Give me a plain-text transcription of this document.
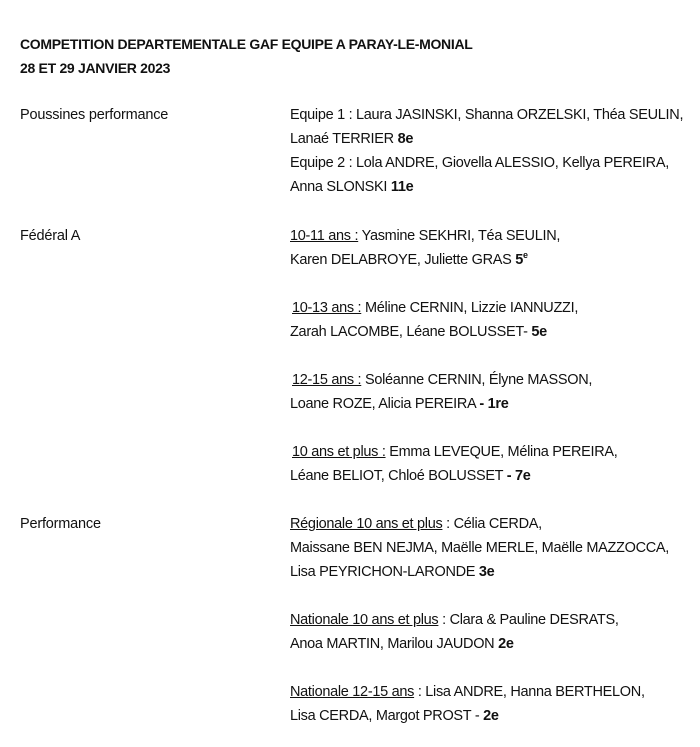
COMPETITION DEPARTEMENTALE GAF EQUIPE A PARAY-LE-MONIAL
28 ET 29 JANVIER 2023
Poussines performance	Equipe 1 : Laura JASINSKI, Shanna ORZELSKI, Théa SEULIN,
Lanaé TERRIER 8e
Equipe 2 : Lola ANDRE, Giovella ALESSIO, Kellya PEREIRA,
Anna SLONSKI 11e
Fédéral A	10-11 ans : Yasmine SEKHRI, Téa SEULIN,
Karen DELABROYE, Juliette GRAS 5e
10-13 ans : Méline CERNIN, Lizzie IANNUZZI,
Zarah LACOMBE, Léane BOLUSSET- 5e
12-15 ans : Soléanne CERNIN, Élyne MASSON,
Loane ROZE, Alicia PEREIRA - 1re
10 ans et plus : Emma LEVEQUE, Mélina PEREIRA,
Léane BELIOT, Chloé BOLUSSET - 7e
Performance	Régionale 10 ans et plus : Célia CERDA,
Maissane BEN NEJMA, Maëlle MERLE, Maëlle MAZZOCCA,
Lisa PEYRICHON-LARONDE 3e
Nationale 10 ans et plus : Clara & Pauline DESRATS,
Anoa MARTIN, Marilou JAUDON 2e
Nationale 12-15 ans : Lisa ANDRE, Hanna BERTHELON,
Lisa CERDA, Margot PROST - 2e
